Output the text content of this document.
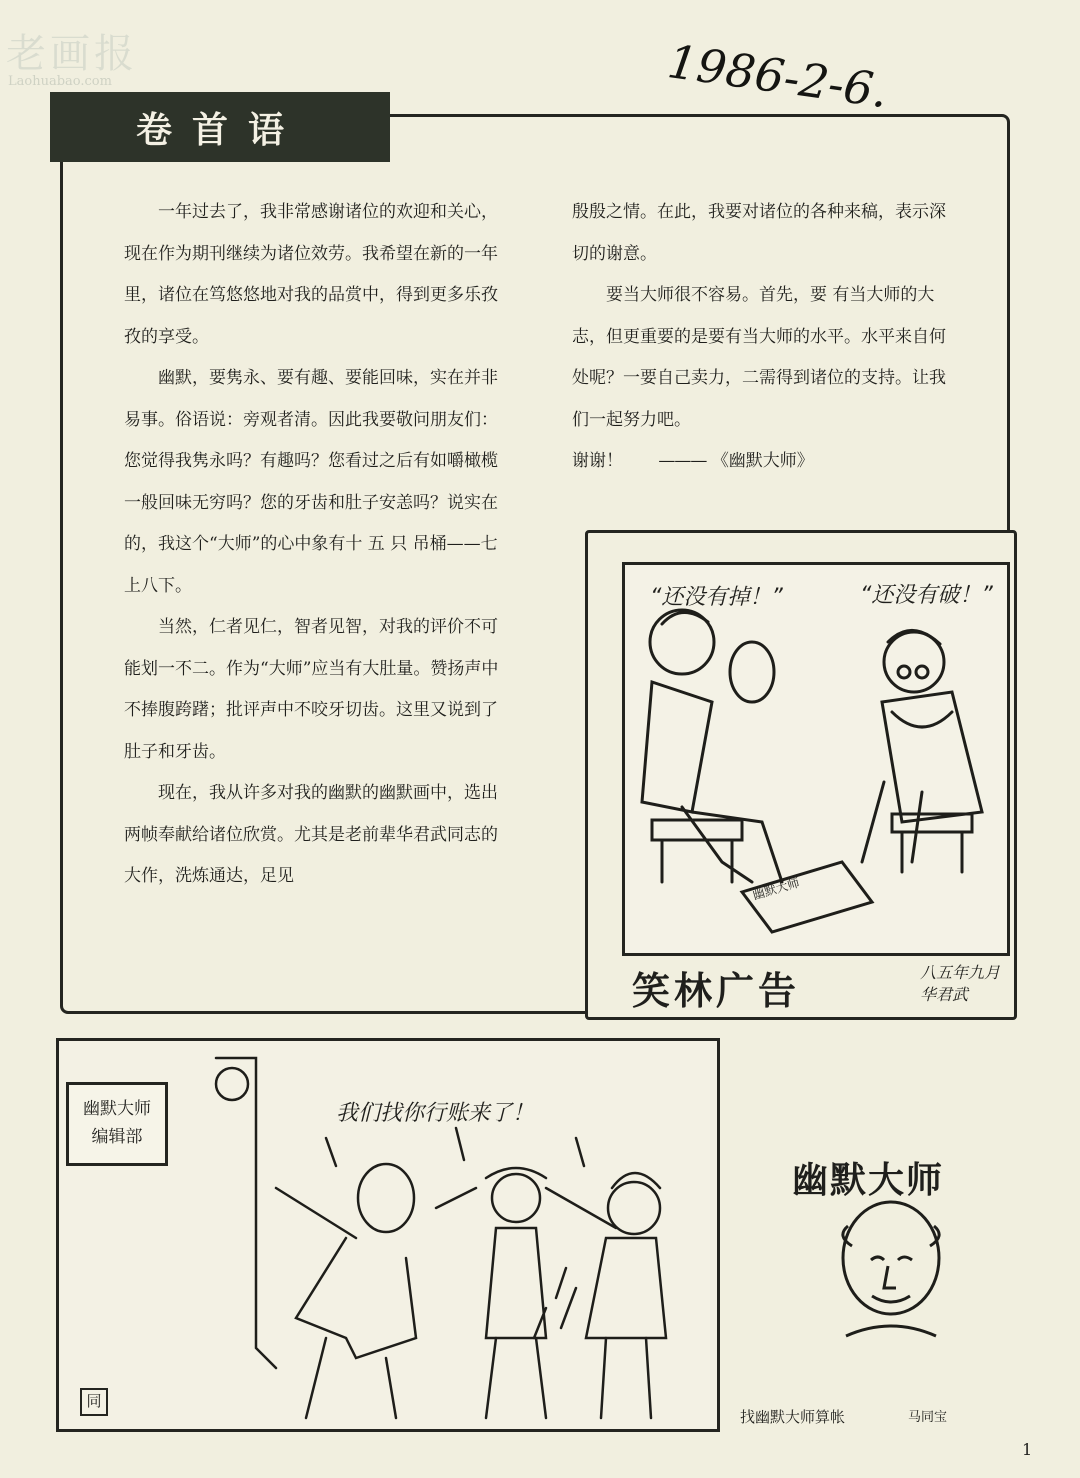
老画报
Laohuabao.com	1986-2-6.
卷首语

一年过去了，我非常感谢诸位的欢迎和关心，现在作为期刊继续为诸位效劳。我希望在新的一年里，诸位在笃悠悠地对我的品赏中，得到更多乐孜孜的享受。

幽默，要隽永、要有趣、要能回味，实在并非易事。俗语说：旁观者清。因此我要敬问朋友们：您觉得我隽永吗？有趣吗？您看过之后有如嚼橄榄一般回味无穷吗？您的牙齿和肚子安恙吗？说实在的，我这个“大师”的心中象有十 五 只 吊桶——七上八下。

当然，仁者见仁，智者见智，对我的评价不可能划一不二。作为“大师”应当有大肚量。赞扬声中不捧腹跨躇；批评声中不咬牙切齿。这里又说到了肚子和牙齿。

现在，我从许多对我的幽默的幽默画中，选出两帧奉献给诸位欣赏。尤其是老前辈华君武同志的大作，洗炼通达，足见

殷殷之情。在此，我要对诸位的各种来稿，表示深切的谢意。

要当大师很不容易。首先，要 有当大师的大志，但更重要的是要有当大师的水平。水平来自何处呢？一要自己卖力，二需得到诸位的支持。让我们一起努力吧。

谢谢！ ——— 《幽默大师》

“还没有掉！”	“还没有破！”
幽默大师
笑林广告	八五年九月
华君武
幽默大师
编辑部
我们找你行账来了！
同
幽默大师
找幽默大师算帐	马同宝
1
